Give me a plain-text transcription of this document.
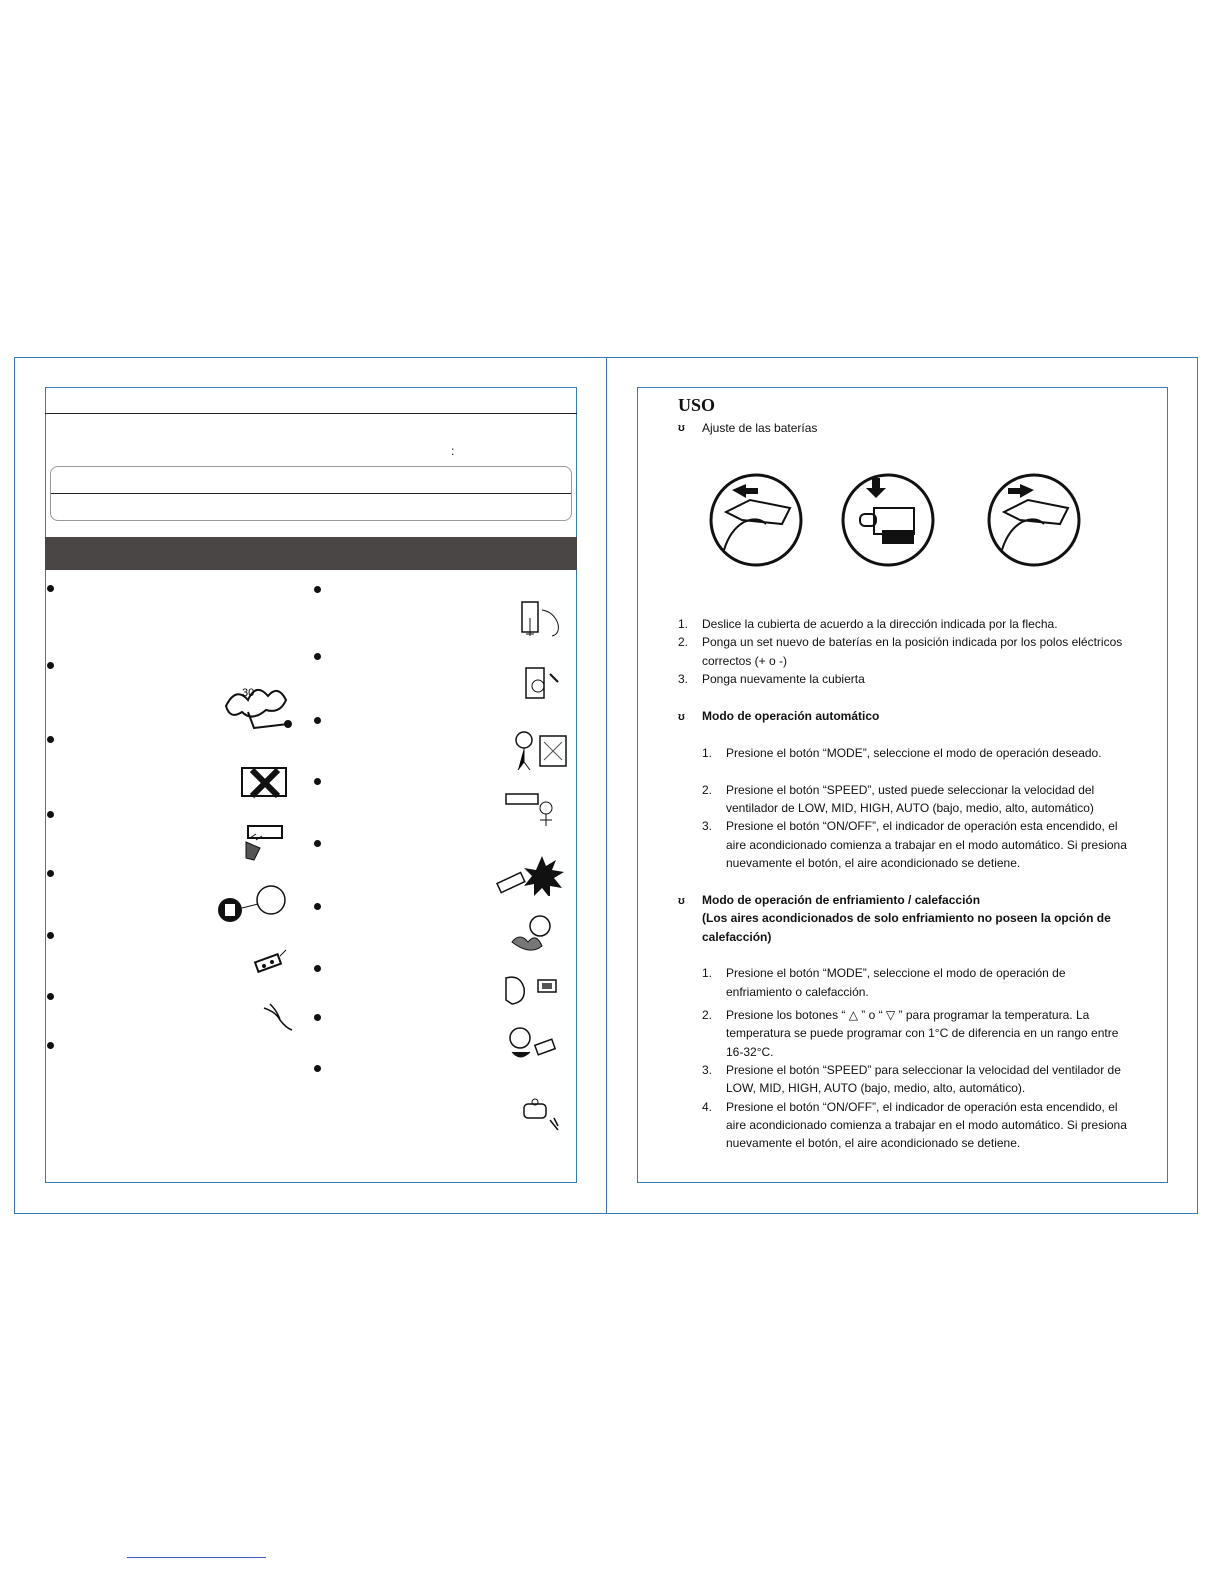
:
30
USO
ʊ Ajuste de las baterías
1. Deslice la cubierta de acuerdo a la dirección indicada por la flecha.
2. Ponga un set nuevo de baterías en la posición indicada por los polos eléctricos
correctos (+ o -)
3. Ponga nuevamente la cubierta
ʊ Modo de operación automático
1. Presione el botón “MODE”, seleccione el modo de operación deseado.
2. Presione el botón “SPEED”, usted puede seleccionar la velocidad del
ventilador de LOW, MID, HIGH, AUTO (bajo, medio, alto, automático)
3. Presione el botón “ON/OFF”, el indicador de operación esta encendido, el
aire acondicionado comienza a trabajar en el modo automático. Si presiona
nuevamente el botón, el aire acondicionado se detiene.
ʊ Modo de operación de enfriamiento / calefacción
(Los aires acondicionados de solo enfriamiento no poseen la opción de
calefacción)
1. Presione el botón “MODE”, seleccione el modo de operación de
enfriamiento o calefacción.
2. Presione los botones “ △ ” o “ ▽ ” para programar la temperatura. La
temperatura se puede programar con 1°C de diferencia en un rango entre
16-32°C.
3. Presione el botón “SPEED” para seleccionar la velocidad del ventilador de
LOW, MID, HIGH, AUTO (bajo, medio, alto, automático).
4. Presione el botón “ON/OFF”, el indicador de operación esta encendido, el
aire acondicionado comienza a trabajar en el modo automático. Si presiona
nuevamente el botón, el aire acondicionado se detiene.
